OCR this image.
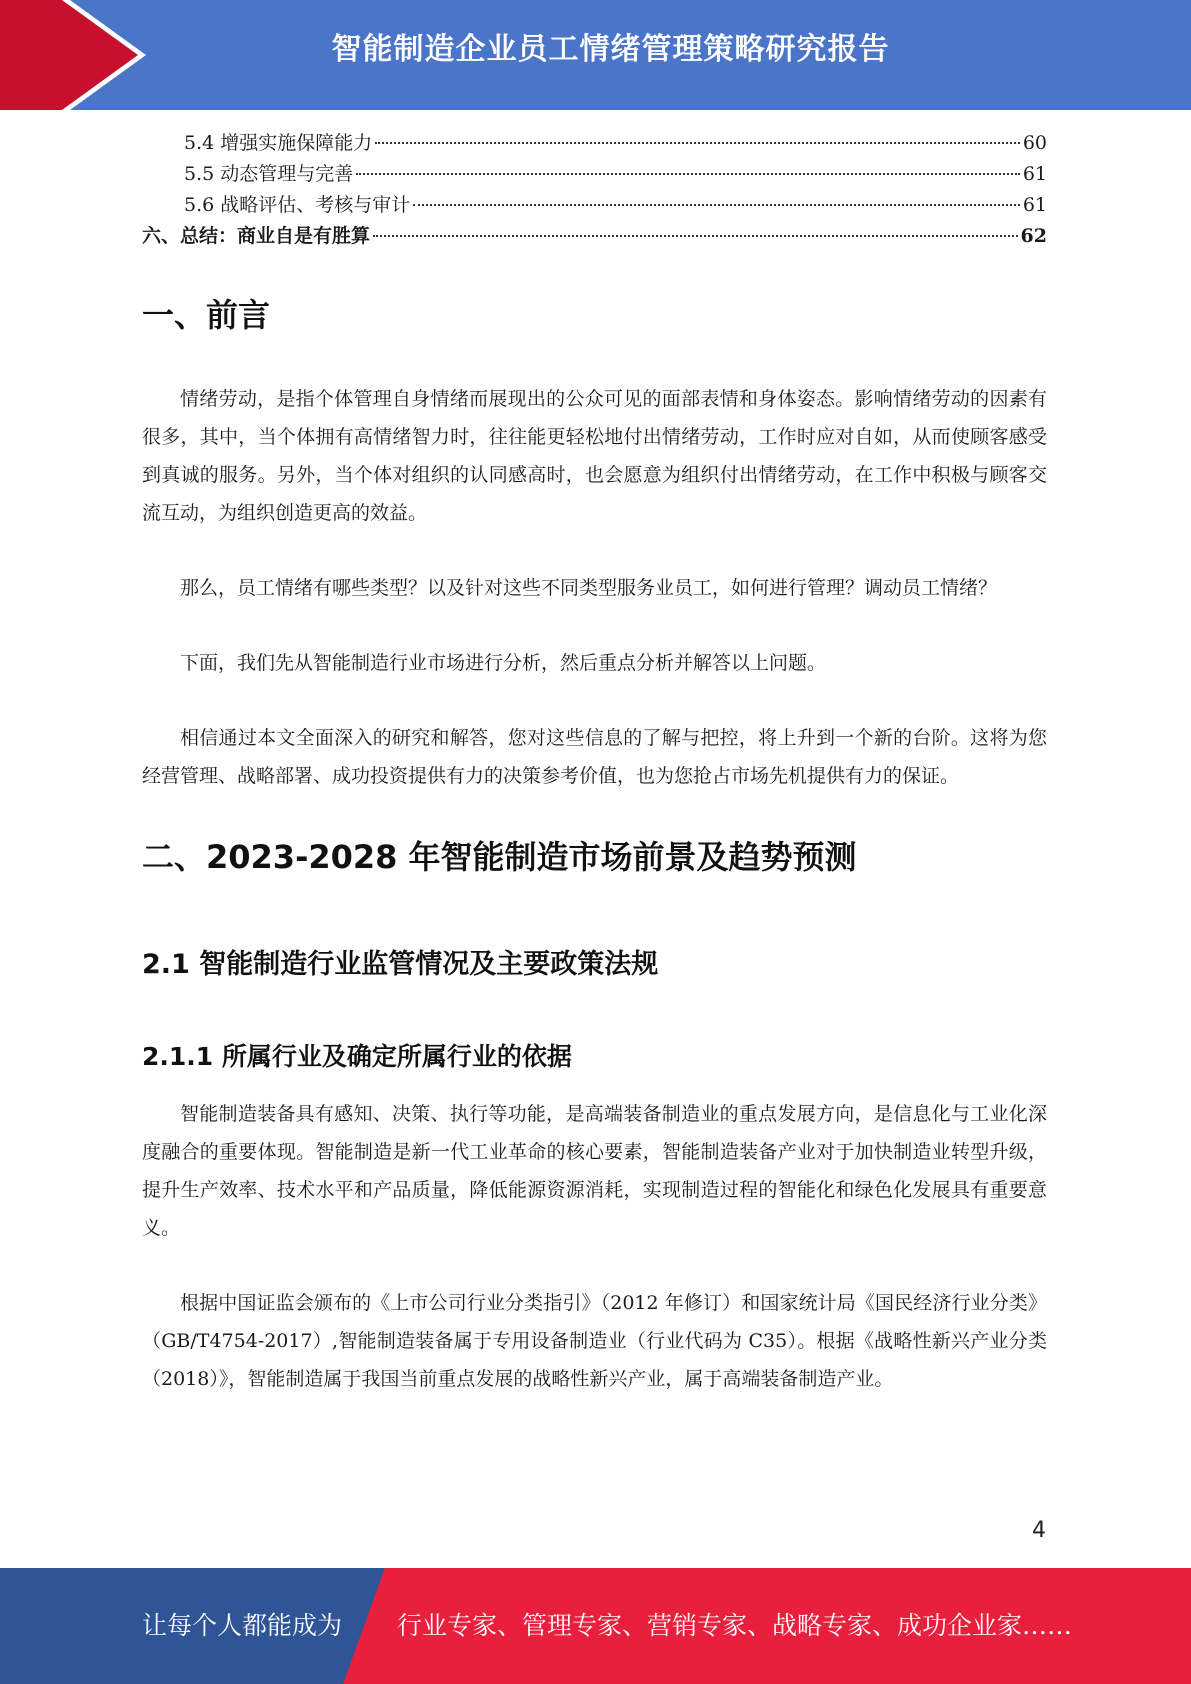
智能制造企业员工情绪管理策略研究报告
5.4 增强实施保障能力	60
5.5 动态管理与完善	61
5.6 战略评估、考核与审计	61
六、总结：商业自是有胜算	62
一、前言

情绪劳动，是指个体管理自身情绪而展现出的公众可见的面部表情和身体姿态。影响情绪劳动的因素有很多，其中，当个体拥有高情绪智力时，往往能更轻松地付出情绪劳动，工作时应对自如，从而使顾客感受到真诚的服务。另外，当个体对组织的认同感高时，也会愿意为组织付出情绪劳动，在工作中积极与顾客交流互动，为组织创造更高的效益。

那么，员工情绪有哪些类型？以及针对这些不同类型服务业员工，如何进行管理？调动员工情绪？

下面，我们先从智能制造行业市场进行分析，然后重点分析并解答以上问题。

相信通过本文全面深入的研究和解答，您对这些信息的了解与把控，将上升到一个新的台阶。这将为您经营管理、战略部署、成功投资提供有力的决策参考价值，也为您抢占市场先机提供有力的保证。

二、2023-2028 年智能制造市场前景及趋势预测
2.1 智能制造行业监管情况及主要政策法规
2.1.1 所属行业及确定所属行业的依据

智能制造装备具有感知、决策、执行等功能，是高端装备制造业的重点发展方向，是信息化与工业化深度融合的重要体现。智能制造是新一代工业革命的核心要素，智能制造装备产业对于加快制造业转型升级，提升生产效率、技术水平和产品质量，降低能源资源消耗，实现制造过程的智能化和绿色化发展具有重要意义。

根据中国证监会颁布的《上市公司行业分类指引》（2012 年修订）和国家统计局《国民经济行业分类》（GB/T4754-2017）,智能制造装备属于专用设备制造业（行业代码为 C35）。根据《战略性新兴产业分类（2018）》，智能制造属于我国当前重点发展的战略性新兴产业，属于高端装备制造产业。

4
让每个人都能成为 行业专家、管理专家、营销专家、战略专家、成功企业家……
